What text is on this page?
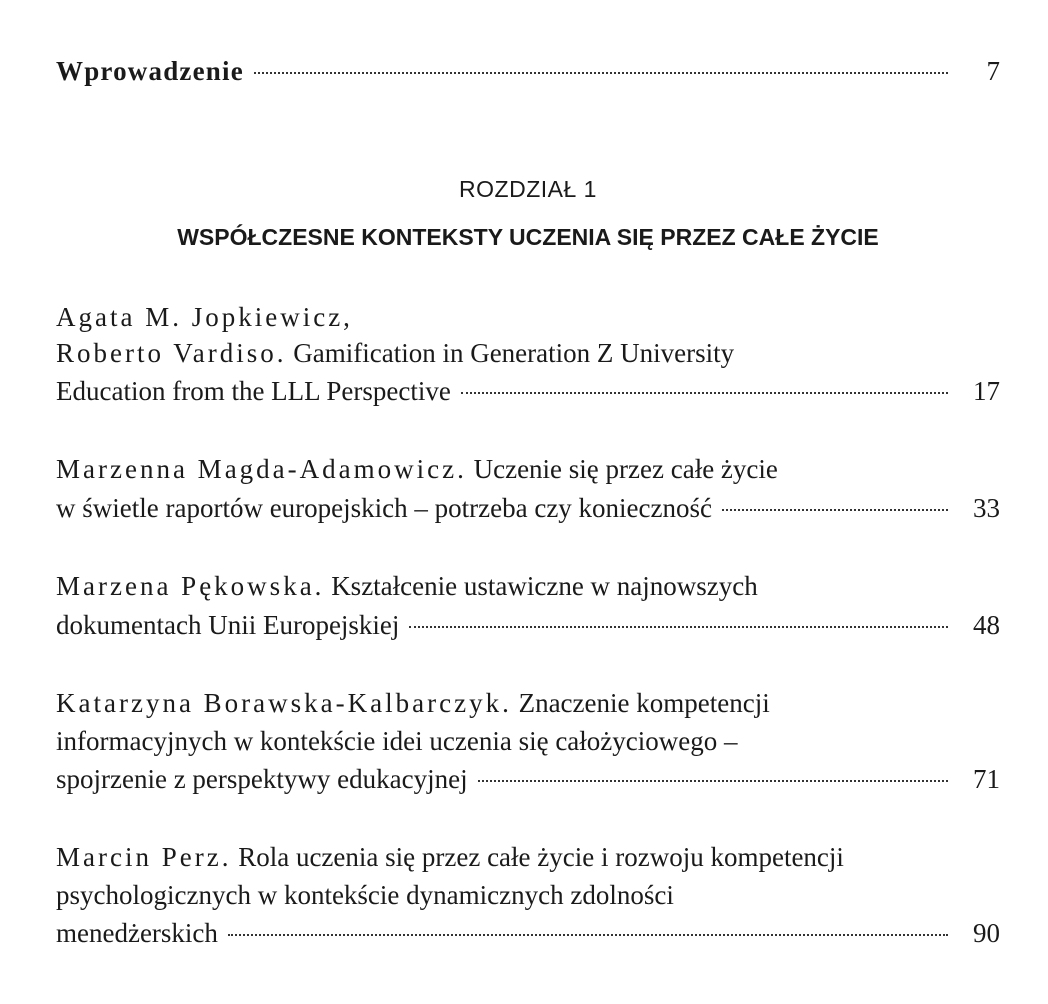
Wprowadzenie	7
Agata M. Jopkiewicz,
Roberto Vardiso. Gamification in Generation Z University
Education from the LLL Perspective	17
Marzenna Magda-Adamowicz. Uczenie się przez całe życie
w świetle raportów europejskich – potrzeba czy konieczność	33
Marzena Pękowska. Kształcenie ustawiczne w najnowszych
dokumentach Unii Europejskiej	48
Katarzyna Borawska-Kalbarczyk. Znaczenie kompetencji
informacyjnych w kontekście idei uczenia się całożyciowego –
spojrzenie z perspektywy edukacyjnej	71
Marcin Perz. Rola uczenia się przez całe życie i rozwoju kompetencji
psychologicznych w kontekście dynamicznych zdolności
menedżerskich	90
ROZDZIAŁ 1
WSPÓŁCZESNE KONTEKSTY UCZENIA SIĘ PRZEZ CAŁE ŻYCIE
